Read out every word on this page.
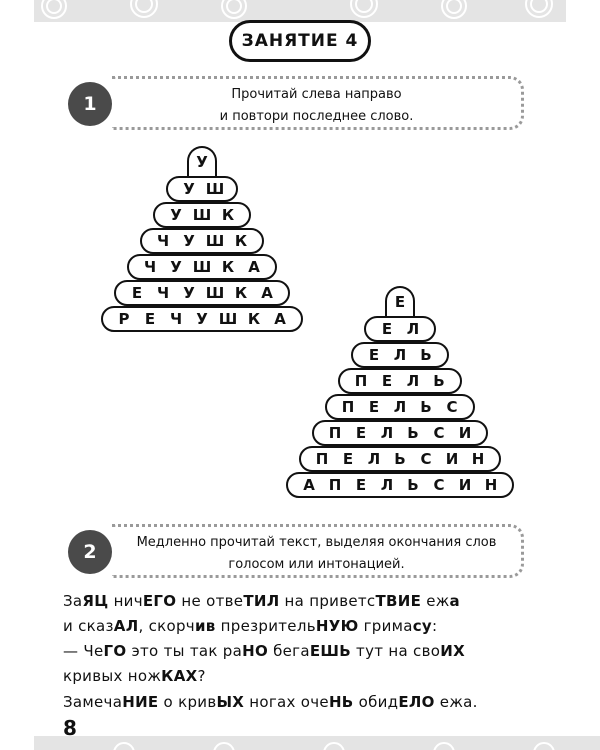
ЗАНЯТИЕ 4
1	Прочитай слева направо
и повтори последнее слово.
У
У Ш
У Ш К
Ч У Ш К
Ч У Ш К А
Е Ч У Ш К А
Р	Е Ч У Ш К А
Е
Е Л
Е Л Ь
П Е Л Ь
П Е Л Ь С
П Е Л Ь С И
П Е Л Ь С И Н
А П Е Л Ь С И Н
2	Медленно прочитай текст, выделяя окончания слов
голосом или интонацией.
ЗаЯЦ ничЕГО не отвеТИЛ на приветсТВИЕ ежа
и сказАЛ, скорчив презрительНУЮ гримасу:
— ЧеГО это ты так раНО бегаЕШЬ тут на своИХ
кривых ножКАХ?
ЗамечаНИЕ о кривЫХ ногах очеНЬ обидЕЛО ежа.
8
